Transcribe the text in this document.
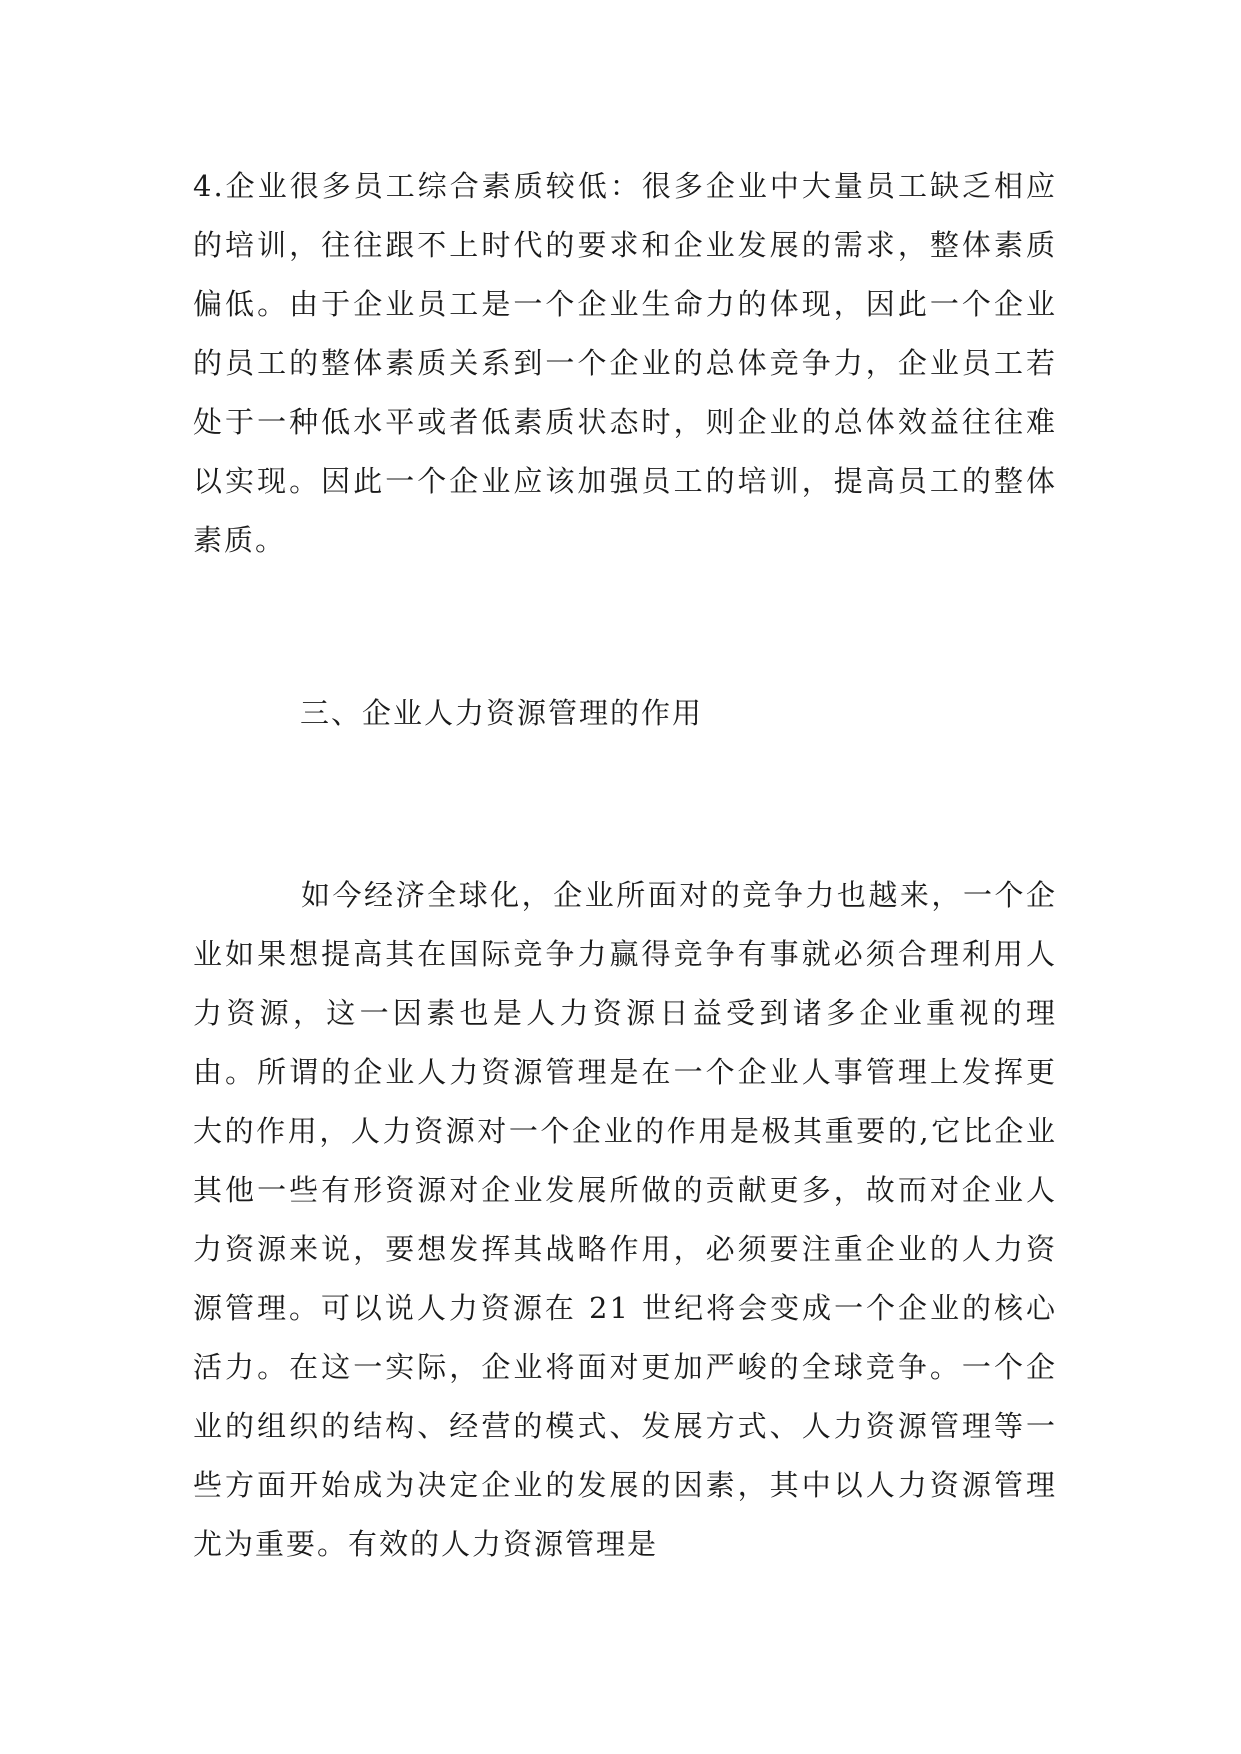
4.企业很多员工综合素质较低：很多企业中大量员工缺乏相应的培训，往往跟不上时代的要求和企业发展的需求，整体素质偏低。由于企业员工是一个企业生命力的体现，因此一个企业的员工的整体素质关系到一个企业的总体竞争力，企业员工若处于一种低水平或者低素质状态时，则企业的总体效益往往难以实现。因此一个企业应该加强员工的培训，提高员工的整体素质。

三、企业人力资源管理的作用

如今经济全球化，企业所面对的竞争力也越来，一个企业如果想提高其在国际竞争力赢得竞争有事就必须合理利用人力资源，这一因素也是人力资源日益受到诸多企业重视的理由。所谓的企业人力资源管理是在一个企业人事管理上发挥更大的作用，人力资源对一个企业的作用是极其重要的,它比企业其他一些有形资源对企业发展所做的贡献更多，故而对企业人力资源来说，要想发挥其战略作用，必须要注重企业的人力资源管理。可以说人力资源在 21 世纪将会变成一个企业的核心活力。在这一实际，企业将面对更加严峻的全球竞争。一个企业的组织的结构、经营的模式、发展方式、人力资源管理等一些方面开始成为决定企业的发展的因素，其中以人力资源管理尤为重要。有效的人力资源管理是
